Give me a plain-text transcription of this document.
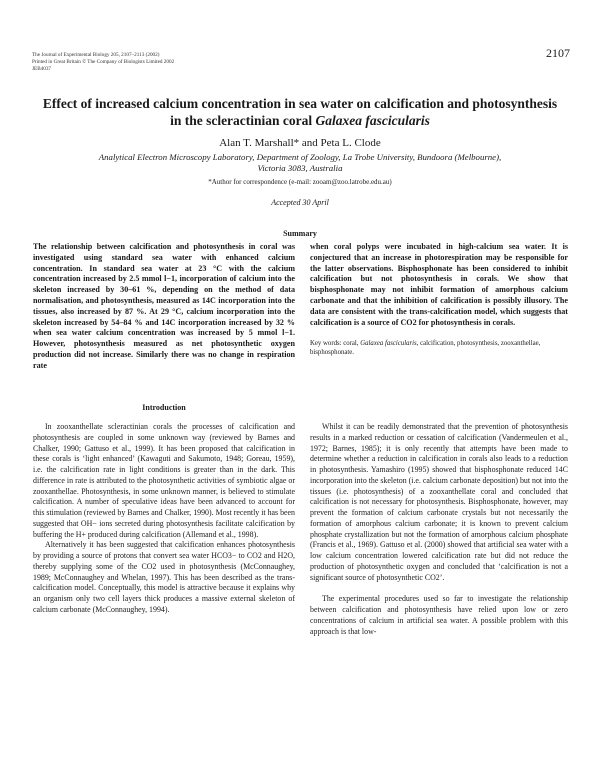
The Journal of Experimental Biology 205, 2107–2113 (2002)
Printed in Great Britain © The Company of Biologists Limited 2002
JEB4037
2107
Effect of increased calcium concentration in sea water on calcification and photosynthesis in the scleractinian coral Galaxea fascicularis
Alan T. Marshall* and Peta L. Clode
Analytical Electron Microscopy Laboratory, Department of Zoology, La Trobe University, Bundoora (Melbourne),
Victoria 3083, Australia
*Author for correspondence (e-mail: zooam@zoo.latrobe.edu.au)
Accepted 30 April
Summary
The relationship between calcification and photosynthesis in coral was investigated using standard sea water with enhanced calcium concentration. In standard sea water at 23 °C with the calcium concentration increased by 2.5 mmol l−1, incorporation of calcium into the skeleton increased by 30–61 %, depending on the method of data normalisation, and photosynthesis, measured as 14C incorporation into the tissues, also increased by 87 %. At 29 °C, calcium incorporation into the skeleton increased by 54–84 % and 14C incorporation increased by 32 % when sea water calcium concentration was increased by 5 mmol l−1. However, photosynthesis measured as net photosynthetic oxygen production did not increase. Similarly there was no change in respiration rate
when coral polyps were incubated in high-calcium sea water. It is conjectured that an increase in photorespiration may be responsible for the latter observations. Bisphosphonate has been considered to inhibit calcification but not photosynthesis in corals. We show that bisphosphonate may not inhibit formation of amorphous calcium carbonate and that the inhibition of calcification is possibly illusory. The data are consistent with the trans-calcification model, which suggests that calcification is a source of CO2 for photosynthesis in corals.
Key words: coral, Galaxea fascicularis, calcification, photosynthesis, zooxanthellae, bisphosphonate.
Introduction

In zooxanthellate scleractinian corals the processes of calcification and photosynthesis are coupled in some unknown way (reviewed by Barnes and Chalker, 1990; Gattuso et al., 1999). It has been proposed that calcification in these corals is ‘light enhanced’ (Kawaguti and Sakumoto, 1948; Goreau, 1959), i.e. the calcification rate in light conditions is greater than in the dark. This difference in rate is attributed to the photosynthetic activities of symbiotic algae or zooxanthellae. Photosynthesis, in some unknown manner, is believed to stimulate calcification. A number of speculative ideas have been advanced to account for this stimulation (reviewed by Barnes and Chalker, 1990). Most recently it has been suggested that OH− ions secreted during photosynthesis facilitate calcification by buffering the H+ produced during calcification (Allemand et al., 1998).

Alternatively it has been suggested that calcification enhances photosynthesis by providing a source of protons that convert sea water HCO3− to CO2 and H2O, thereby supplying some of the CO2 used in photosynthesis (McConnaughey, 1989; McConnaughey and Whelan, 1997). This has been described as the trans-calcification model. Conceptually, this model is attractive because it explains why an organism only two cell layers thick produces a massive external skeleton of calcium carbonate (McConnaughey, 1994).

Whilst it can be readily demonstrated that the prevention of photosynthesis results in a marked reduction or cessation of calcification (Vandermeulen et al., 1972; Barnes, 1985); it is only recently that attempts have been made to determine whether a reduction in calcification in corals also leads to a reduction in photosynthesis. Yamashiro (1995) showed that bisphosphonate reduced 14C incorporation into the skeleton (i.e. calcium carbonate deposition) but not into the tissues (i.e. photosynthesis) of a zooxanthellate coral and concluded that calcification is not necessary for photosynthesis. Bisphosphonate, however, may prevent the formation of calcium carbonate crystals but not necessarily the formation of amorphous calcium carbonate; it is known to prevent calcium phosphate crystallization but not the formation of amorphous calcium phosphate (Francis et al., 1969). Gattuso et al. (2000) showed that artificial sea water with a low calcium concentration lowered calcification rate but did not reduce the production of photosynthetic oxygen and concluded that ‘calcification is not a significant source of photosynthetic CO2’.

The experimental procedures used so far to investigate the relationship between calcification and photosynthesis have relied upon low or zero concentrations of calcium in artificial sea water. A possible problem with this approach is that low-
